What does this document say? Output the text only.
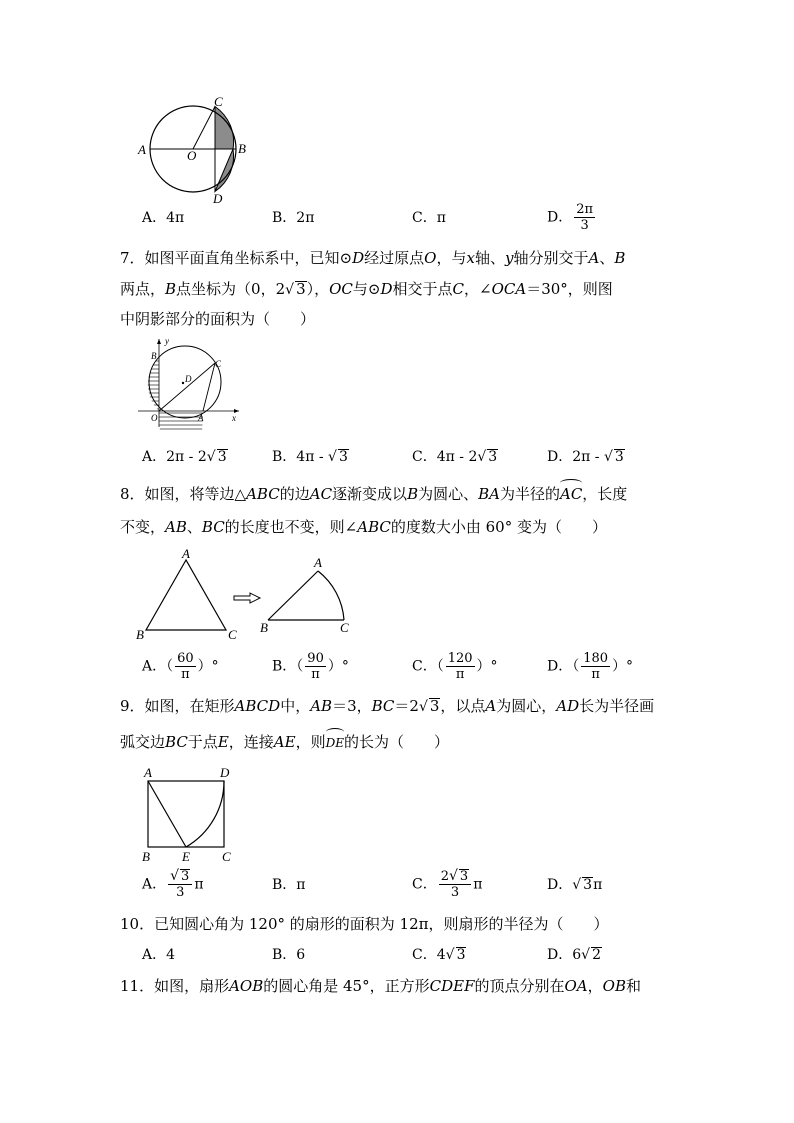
A	O	B
C
D
A．4π	B．2π	C．π	D． $\frac{2\pi}{3}$
7．如图平面直角坐标系中，已知⊙D经过原点O，与x轴、y轴分别交于A、B
两点，B点坐标为（0，2√ 3），OC与⊙D相交于点C，∠OCA＝30°，则图
中阴影部分的面积为（　　）
y
B
D
C
O	A	x
A．2π - 2√ 3	B．4π - √ 3	C．4π - 2√ 3	D．2π - √ 3
8．如图，将等边△ABC的边AC逐渐变成以B为圆心、BA为半径的AC，长度
不变，AB、BC的长度也不变，则∠ABC的度数大小由 60° 变为（　　）
A
B	C
A
B	C
A．（ $\frac{60}{\pi}$ ）°	B．（ $\frac{90}{\pi}$ ）°	C．（ $\frac{120}{\pi}$ ）°	D．（ $\frac{180}{\pi}$ ）°
9．如图，在矩形ABCD中，AB＝3，BC＝2√ 3，以点A为圆心，AD长为半径画
弧交边BC于点E，连接AE，则DE的长为（　　）
A	D
B E C
A． $\frac{√ 3}{3}$ π	B．π	C． $\frac{2√ 3}{3}$ π	D．√ 3π
10．已知圆心角为 120° 的扇形的面积为 12π，则扇形的半径为（　　）
A．4	B．6	C．4√ 3	D．6√ 2
11．如图，扇形AOB的圆心角是 45°，正方形CDEF的顶点分别在OA，OB和
